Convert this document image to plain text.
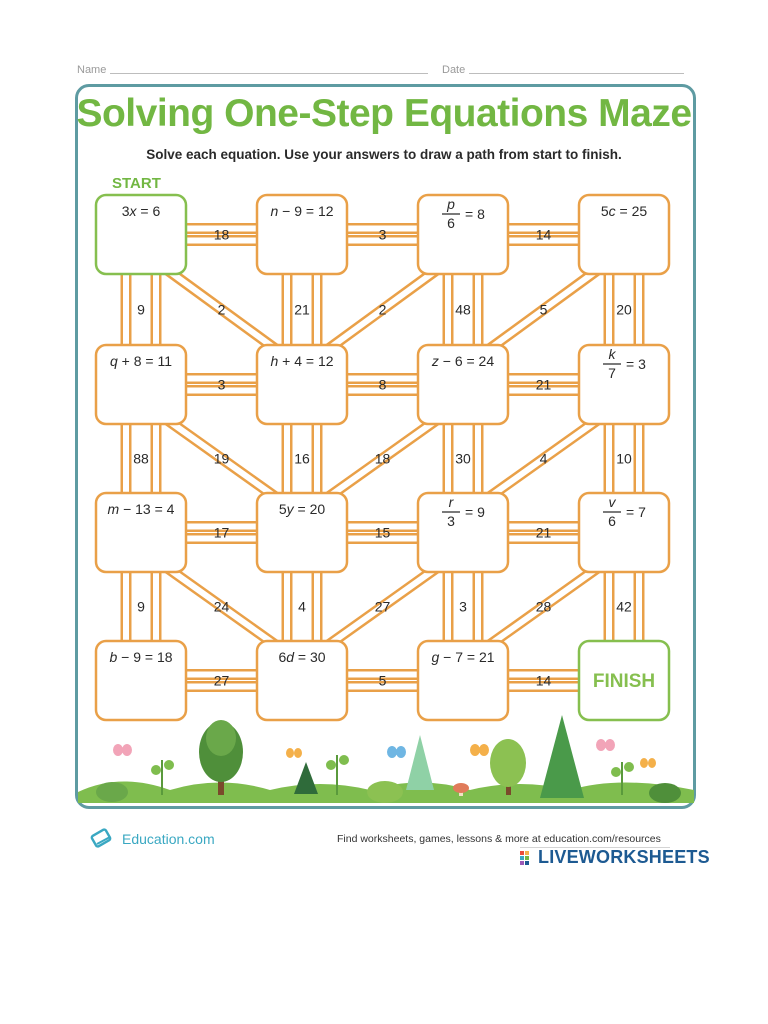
Name	Date
Solving One-Step Equations Maze
Solve each equation. Use your answers to draw a path from start to finish.
3x = 6	n − 9 = 12	p
6
= 8	5c = 25
q + 8 = 11	h + 4 = 12	z − 6 = 24	k
7
= 3
m − 13 = 4	5y = 20	r
3
= 9
v
6
= 7
b − 9 = 18	6d = 30	g − 7 = 21
FINISH
18	3	14
3	8	21
17	15	21
27	5	14
9	21	48	20
88	16	30	10
9	4	3	42
2	2	5
19	18	4
24	27	28
START
Education.com	Find worksheets, games, lessons & more at education.com/resources
LIVEWORKSHEETS
